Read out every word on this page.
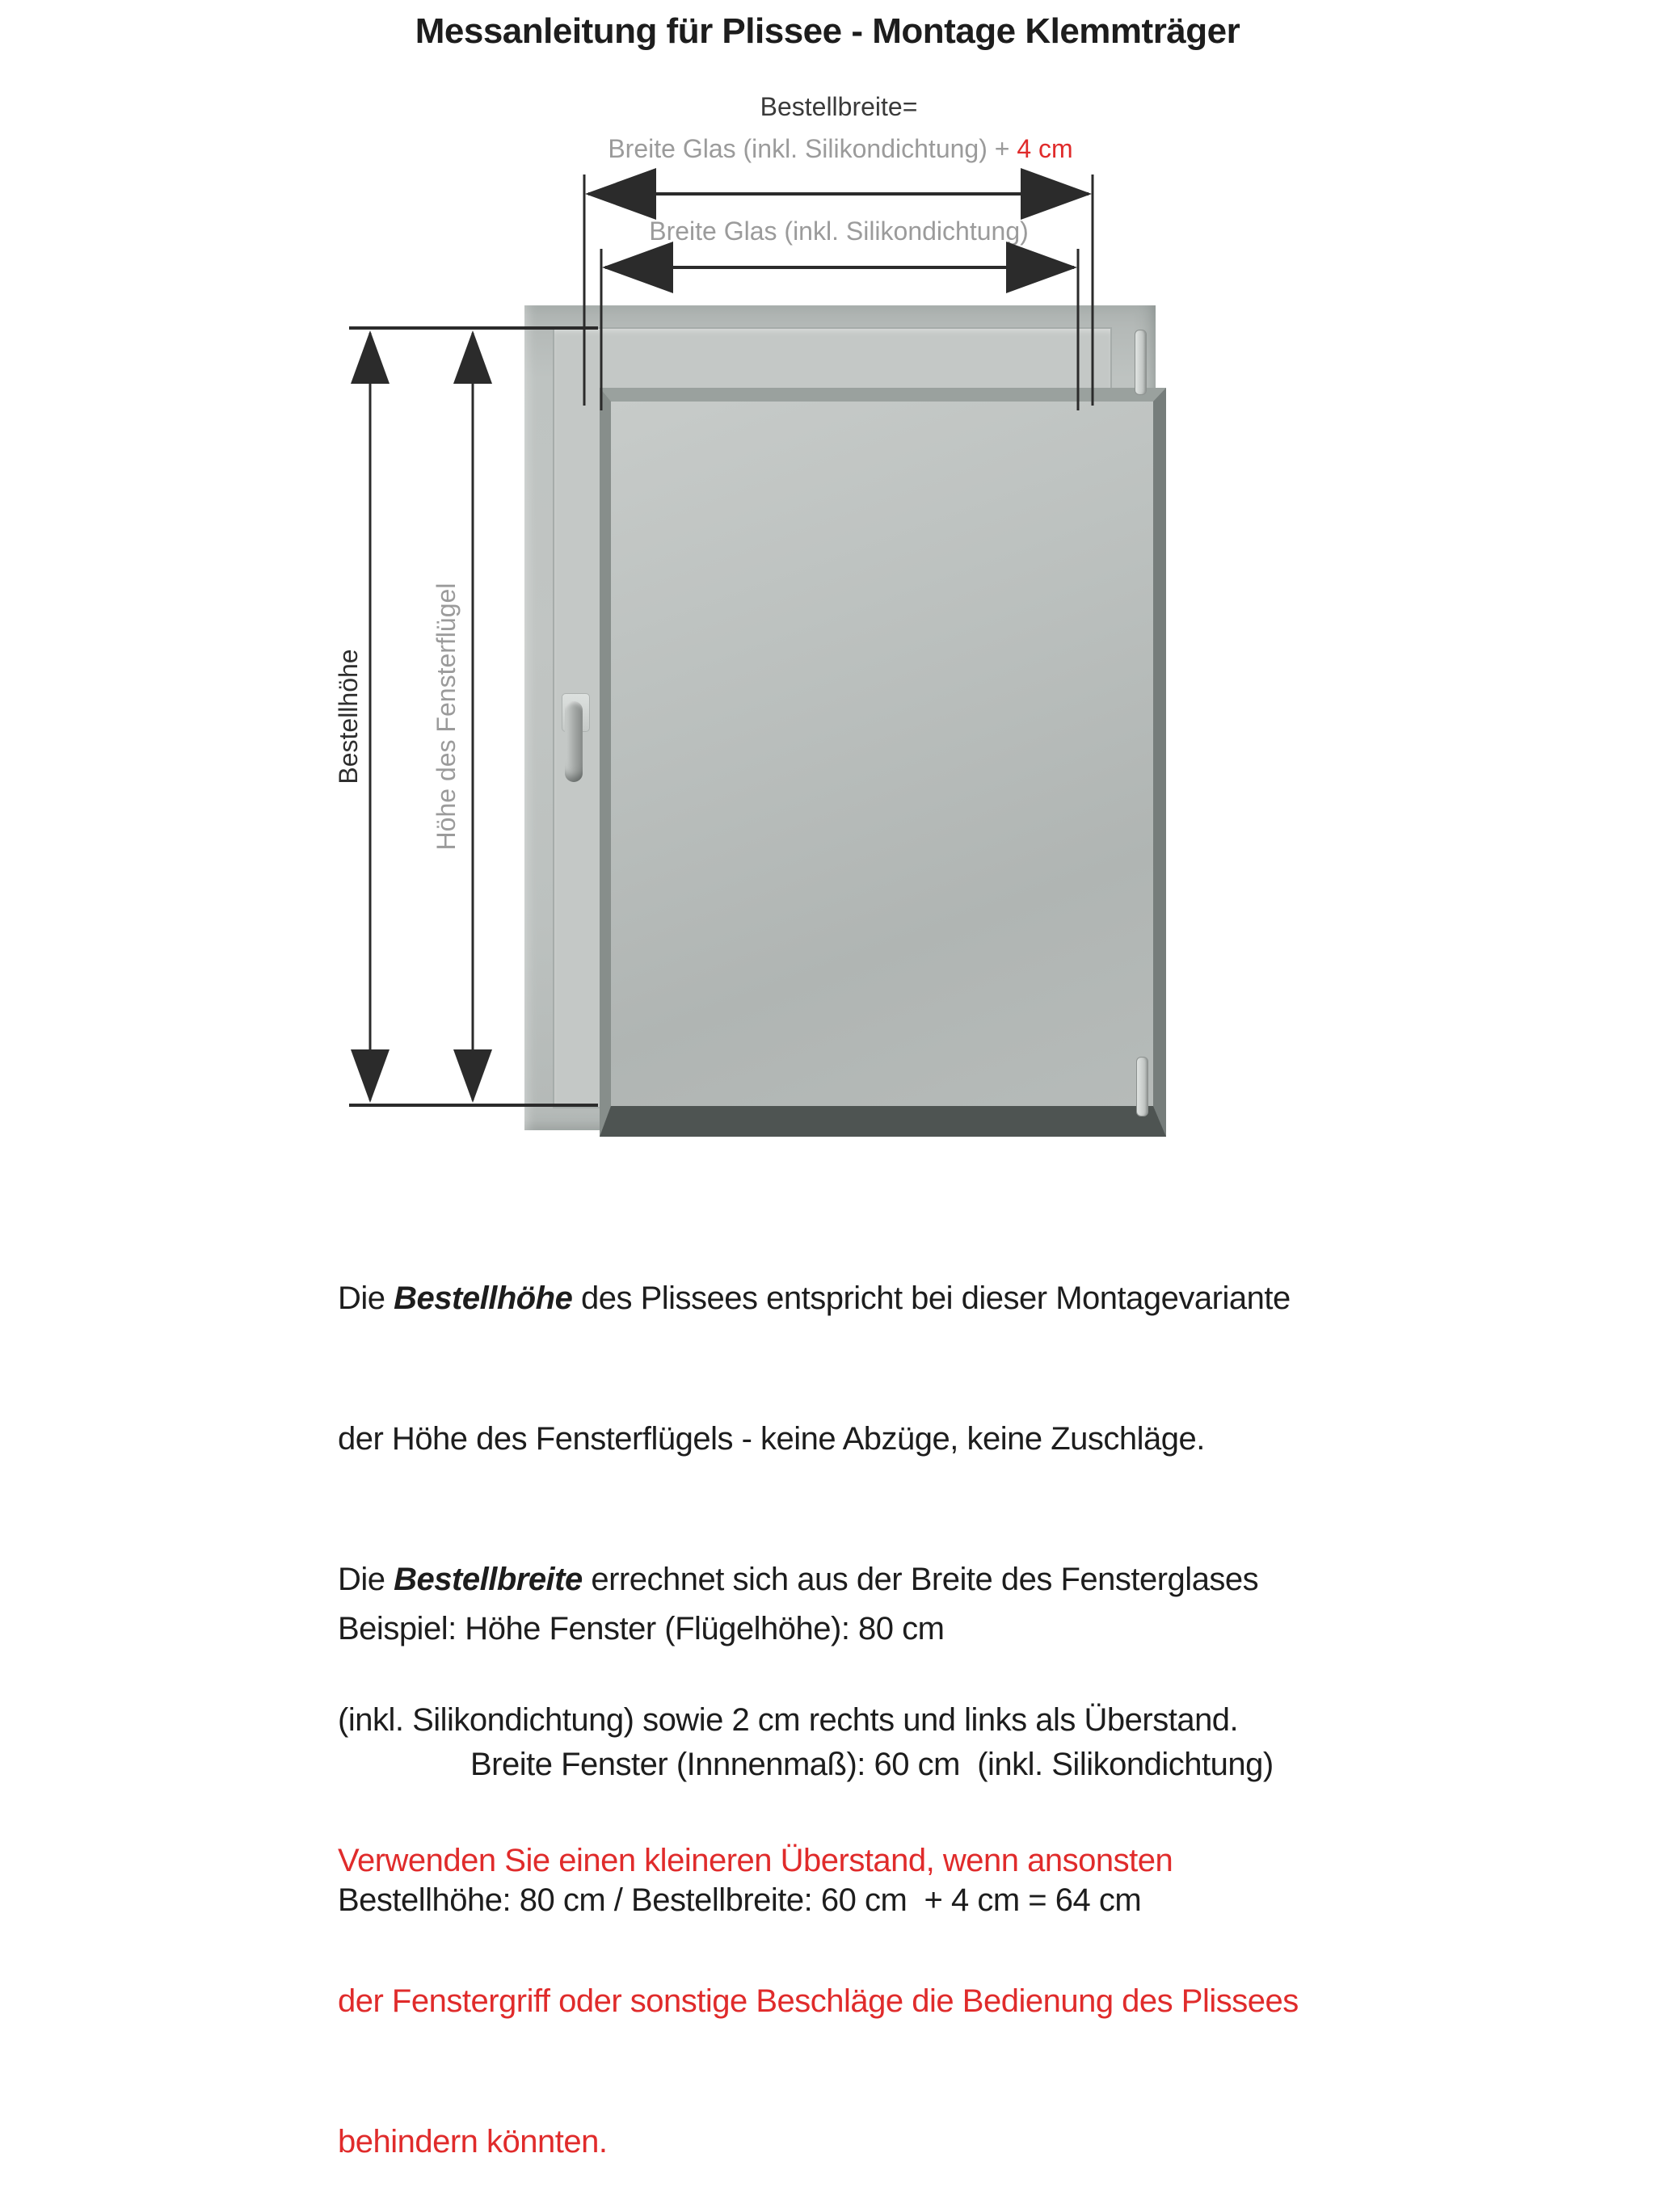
Messanleitung für Plissee - Montage Klemmträger
Bestellbreite=
Breite Glas (inkl. Silikondichtung) + 4 cm
Breite Glas (inkl. Silikondichtung)
Bestellhöhe	Höhe des Fensterflügel

Die Bestellhöhe des Plissees entspricht bei dieser Montagevariante

der Höhe des Fensterflügels - keine Abzüge, keine Zuschläge.

Die Bestellbreite errechnet sich aus der Breite des Fensterglases

(inkl. Silikondichtung) sowie 2 cm rechts und links als Überstand.

Verwenden Sie einen kleineren Überstand, wenn ansonsten

der Fenstergriff oder sonstige Beschläge die Bedienung des Plissees

behindern könnten.

Beispiel: Höhe Fenster (Flügelhöhe): 80 cm

Breite Fenster (Innnenmaß): 60 cm  (inkl. Silikondichtung)

Bestellhöhe: 80 cm / Bestellbreite: 60 cm  + 4 cm = 64 cm
